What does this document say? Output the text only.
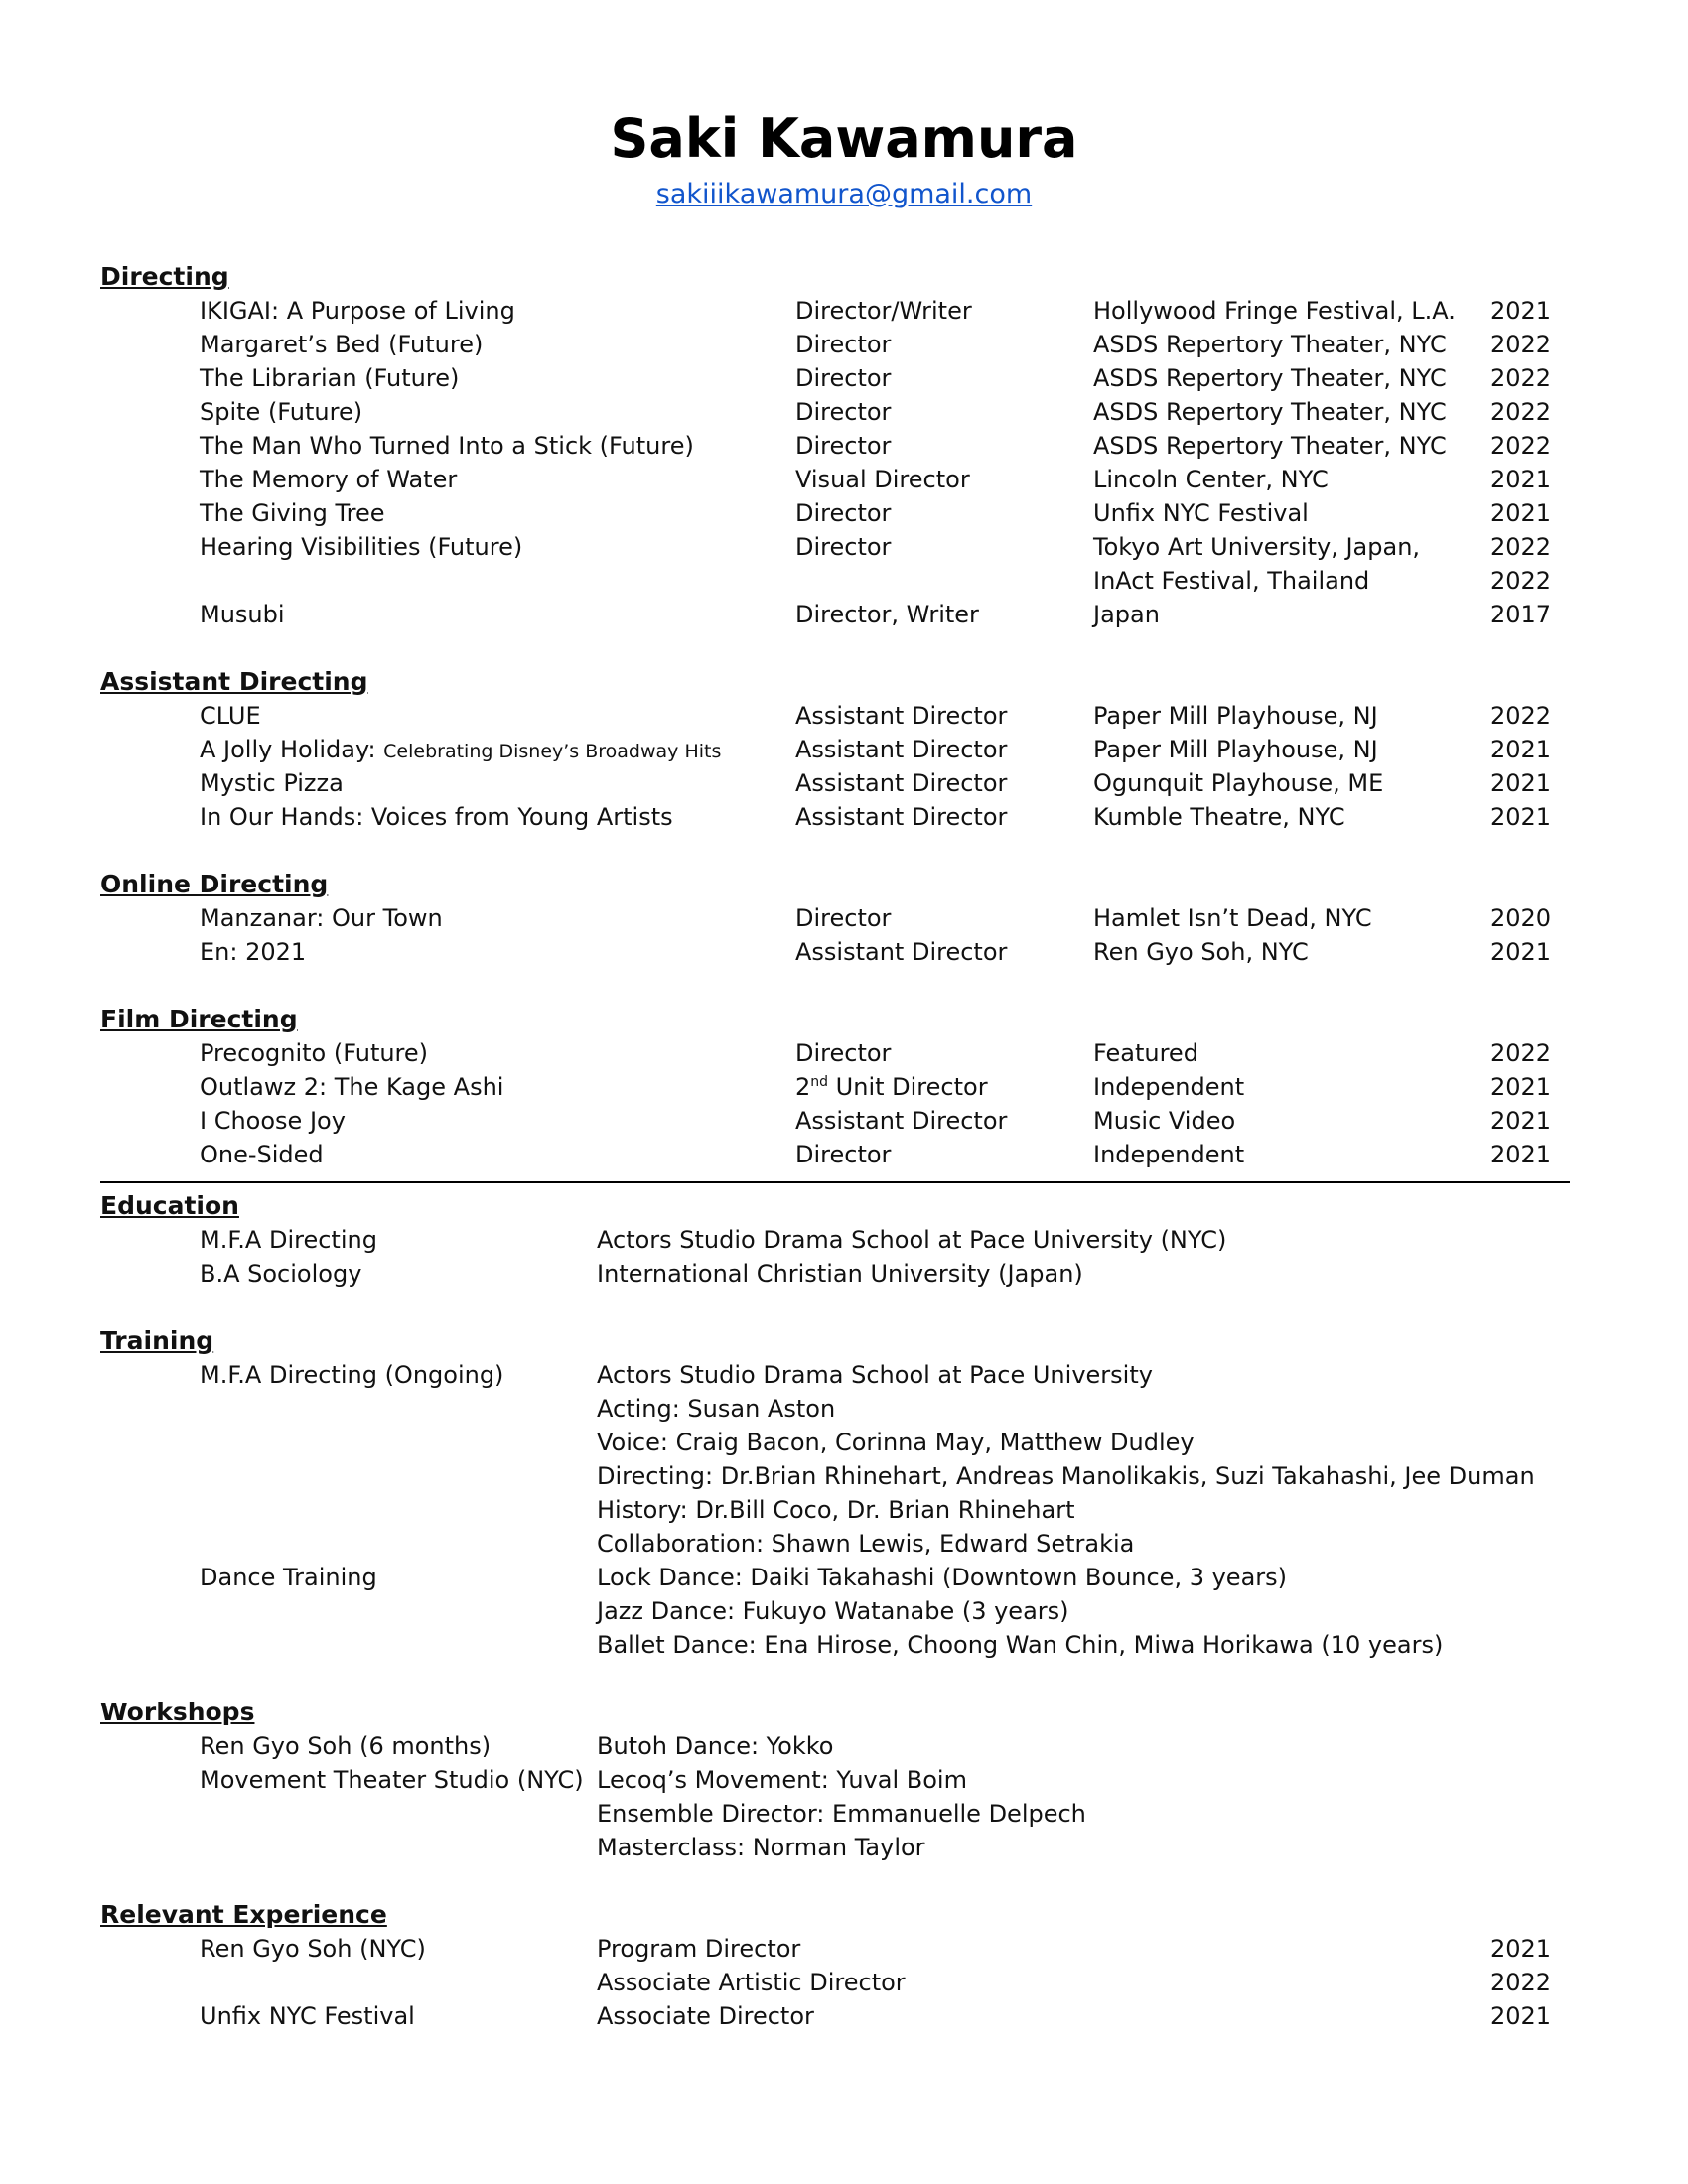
Saki Kawamura
sakiiikawamura@gmail.com
Directing
IKIGAI: A Purpose of Living	Director/Writer	Hollywood Fringe Festival, L.A. 2021
Margaret’s Bed (Future)	Director	ASDS Repertory Theater, NYC 2022
The Librarian (Future)	Director	ASDS Repertory Theater, NYC 2022
Spite (Future)	Director	ASDS Repertory Theater, NYC 2022
The Man Who Turned Into a Stick (Future)	Director	ASDS Repertory Theater, NYC 2022
The Memory of Water	Visual Director	Lincoln Center, NYC	2021
The Giving Tree	Director	Unfix NYC Festival	2021
Hearing Visibilities (Future)	Director	Tokyo Art University, Japan,	2022
InAct Festival, Thailand	2022
Musubi	Director, Writer	Japan	2017
Assistant Directing
CLUE	Assistant Director	Paper Mill Playhouse, NJ	2022
A Jolly Holiday: Celebrating Disney’s Broadway Hits	Assistant Director	Paper Mill Playhouse, NJ	2021
Mystic Pizza	Assistant Director	Ogunquit Playhouse, ME	2021
In Our Hands: Voices from Young Artists	Assistant Director	Kumble Theatre, NYC	2021
Online Directing
Manzanar: Our Town	Director	Hamlet Isn’t Dead, NYC	2020
En: 2021	Assistant Director	Ren Gyo Soh, NYC	2021
Film Directing
Precognito (Future)	Director	Featured	2022
Outlawz 2: The Kage Ashi	2nd Unit Director	Independent	2021
I Choose Joy	Assistant Director	Music Video	2021
One-Sided	Director	Independent	2021
Education
M.F.A Directing	Actors Studio Drama School at Pace University (NYC)
B.A Sociology	International Christian University (Japan)
Training
M.F.A Directing (Ongoing)	Actors Studio Drama School at Pace University
Acting: Susan Aston
Voice: Craig Bacon, Corinna May, Matthew Dudley
Directing: Dr.Brian Rhinehart, Andreas Manolikakis, Suzi Takahashi, Jee Duman
History: Dr.Bill Coco, Dr. Brian Rhinehart
Collaboration: Shawn Lewis, Edward Setrakia
Dance Training	Lock Dance: Daiki Takahashi (Downtown Bounce, 3 years)
Jazz Dance: Fukuyo Watanabe (3 years)
Ballet Dance: Ena Hirose, Choong Wan Chin, Miwa Horikawa (10 years)
Workshops
Ren Gyo Soh (6 months)	Butoh Dance: Yokko
Movement Theater Studio (NYC) Lecoq’s Movement: Yuval Boim
Ensemble Director: Emmanuelle Delpech
Masterclass: Norman Taylor
Relevant Experience
Ren Gyo Soh (NYC)	Program Director	2021
Associate Artistic Director	2022
Unfix NYC Festival	Associate Director	2021
